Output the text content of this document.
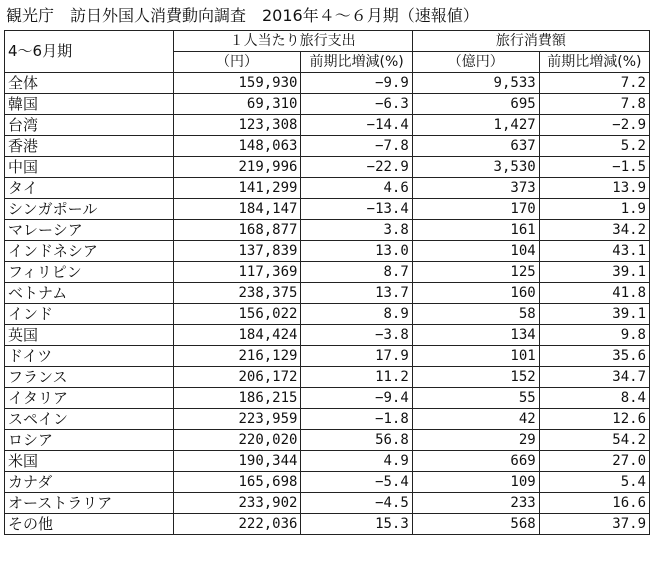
観光庁　訪日外国人消費動向調査　2016年４〜６月期（速報値）
4〜6月期	１人当たり旅行支出		旅行消費額	
	（円）	前期比増減(%)	（億円）	前期比増減(%)
全体	159,930	−9.9	9,533	7.2
韓国	69,310	−6.3	695	7.8
台湾	123,308	−14.4	1,427	−2.9
香港	148,063	−7.8	637	5.2
中国	219,996	−22.9	3,530	−1.5
タイ	141,299	4.6	373	13.9
シンガポール	184,147	−13.4	170	1.9
マレーシア	168,877	3.8	161	34.2
インドネシア	137,839	13.0	104	43.1
フィリピン	117,369	8.7	125	39.1
ベトナム	238,375	13.7	160	41.8
インド	156,022	8.9	58	39.1
英国	184,424	−3.8	134	9.8
ドイツ	216,129	17.9	101	35.6
フランス	206,172	11.2	152	34.7
イタリア	186,215	−9.4	55	8.4
スペイン	223,959	−1.8	42	12.6
ロシア	220,020	56.8	29	54.2
米国	190,344	4.9	669	27.0
カナダ	165,698	−5.4	109	5.4
オーストラリア	233,902	−4.5	233	16.6
その他	222,036	15.3	568	37.9
